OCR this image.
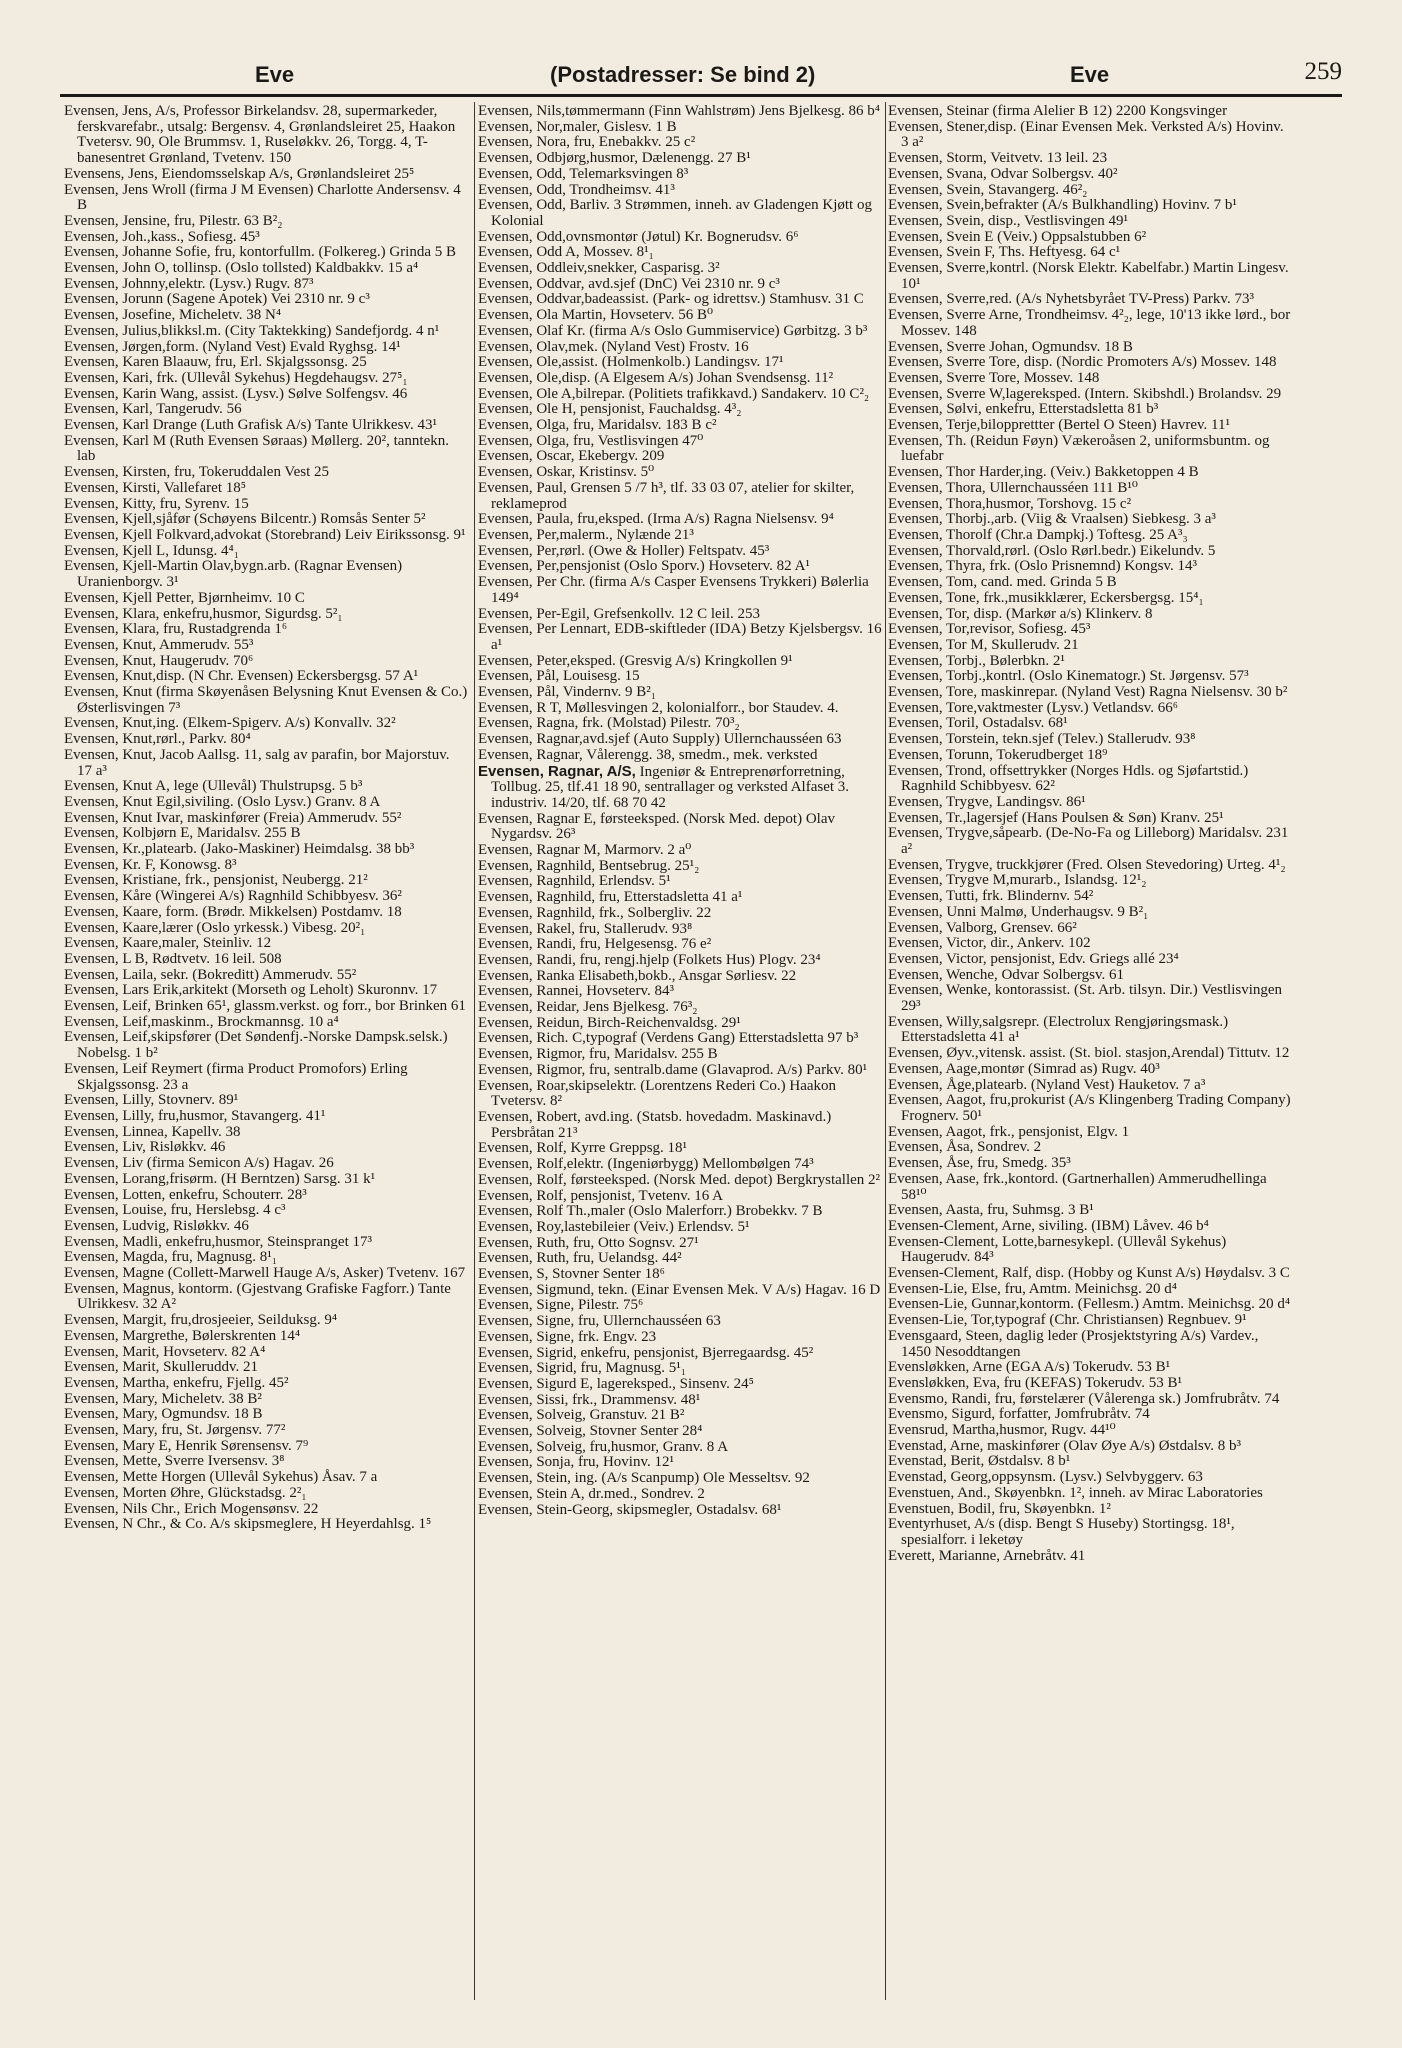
Eve	(Postadresser: Se bind 2)	Eve	259
Evensen, Jens, A/s, Professor Birkelandsv. 28, supermarkeder, ferskvarefabr., utsalg: Bergensv. 4, Grønlandsleiret 25, Haakon Tvetersv. 90, Ole Brummsv. 1, Ruseløkkv. 26, Torgg. 4, T-banesentret Grønland, Tvetenv. 150
Evensens, Jens, Eiendomsselskap A/s, Grønlandsleiret 25⁵
Evensen, Jens Wroll (firma J M Evensen) Charlotte Andersensv. 4 B
Evensen, Jensine, fru, Pilestr. 63 B²₂
Evensen, Joh.,kass., Sofiesg. 45³
Evensen, Johanne Sofie, fru, kontorfullm. (Folkereg.) Grinda 5 B
Evensen, John O, tollinsp. (Oslo tollsted) Kaldbakkv. 15 a⁴
Evensen, Johnny,elektr. (Lysv.) Rugv. 87³
Evensen, Jorunn (Sagene Apotek) Vei 2310 nr. 9 c³
Evensen, Josefine, Micheletv. 38 N⁴
Evensen, Julius,blikksl.m. (City Taktekking) Sandefjordg. 4 n¹
Evensen, Jørgen,form. (Nyland Vest) Evald Ryghsg. 14¹
Evensen, Karen Blaauw, fru, Erl. Skjalgssonsg. 25
Evensen, Kari, frk. (Ullevål Sykehus) Hegdehaugsv. 27⁵₁
Evensen, Karin Wang, assist. (Lysv.) Sølve Solfengsv. 46
Evensen, Karl, Tangerudv. 56
Evensen, Karl Drange (Luth Grafisk A/s) Tante Ulrikkesv. 43¹
Evensen, Karl M (Ruth Evensen Søraas) Møllerg. 20², tanntekn. lab
Evensen, Kirsten, fru, Tokeruddalen Vest 25
Evensen, Kirsti, Vallefaret 18⁵
Evensen, Kitty, fru, Syrenv. 15
Evensen, Kjell,sjåfør (Schøyens Bilcentr.) Romsås Senter 5²
Evensen, Kjell Folkvard,advokat (Storebrand) Leiv Eirikssonsg. 9¹
Evensen, Kjell L, Idunsg. 4⁴₁
Evensen, Kjell-Martin Olav,bygn.arb. (Ragnar Evensen) Uranienborgv. 3¹
Evensen, Kjell Petter, Bjørnheimv. 10 C
Evensen, Klara, enkefru,husmor, Sigurdsg. 5²₁
Evensen, Klara, fru, Rustadgrenda 1⁶
Evensen, Knut, Ammerudv. 55³
Evensen, Knut, Haugerudv. 70⁶
Evensen, Knut,disp. (N Chr. Evensen) Eckersbergsg. 57 A¹
Evensen, Knut (firma Skøyenåsen Belysning Knut Evensen & Co.) Østerlisvingen 7³
Evensen, Knut,ing. (Elkem-Spigerv. A/s) Konvallv. 32²
Evensen, Knut,rørl., Parkv. 80⁴
Evensen, Knut, Jacob Aallsg. 11, salg av parafin, bor Majorstuv. 17 a³
Evensen, Knut A, lege (Ullevål) Thulstrupsg. 5 b³
Evensen, Knut Egil,siviling. (Oslo Lysv.) Granv. 8 A
Evensen, Knut Ivar, maskinfører (Freia) Ammerudv. 55²
Evensen, Kolbjørn E, Maridalsv. 255 B
Evensen, Kr.,platearb. (Jako-Maskiner) Heimdalsg. 38 bb³
Evensen, Kr. F, Konowsg. 8³
Evensen, Kristiane, frk., pensjonist, Neubergg. 21²
Evensen, Kåre (Wingerei A/s) Ragnhild Schibbyesv. 36²
Evensen, Kaare, form. (Brødr. Mikkelsen) Postdamv. 18
Evensen, Kaare,lærer (Oslo yrkessk.) Vibesg. 20²₁
Evensen, Kaare,maler, Steinliv. 12
Evensen, L B, Rødtvetv. 16 leil. 508
Evensen, Laila, sekr. (Bokreditt) Ammerudv. 55²
Evensen, Lars Erik,arkitekt (Morseth og Leholt) Skuronnv. 17
Evensen, Leif, Brinken 65¹, glassm.verkst. og forr., bor Brinken 61
Evensen, Leif,maskinm., Brockmannsg. 10 a⁴
Evensen, Leif,skipsfører (Det Søndenfj.-Norske Dampsk.selsk.) Nobelsg. 1 b²
Evensen, Leif Reymert (firma Product Promofors) Erling Skjalgssonsg. 23 a
Evensen, Lilly, Stovnerv. 89¹
Evensen, Lilly, fru,husmor, Stavangerg. 41¹
Evensen, Linnea, Kapellv. 38
Evensen, Liv, Risløkkv. 46
Evensen, Liv (firma Semicon A/s) Hagav. 26
Evensen, Lorang,frisørm. (H Berntzen) Sarsg. 31 k¹
Evensen, Lotten, enkefru, Schouterr. 28³
Evensen, Louise, fru, Herslebsg. 4 c³
Evensen, Ludvig, Risløkkv. 46
Evensen, Madli, enkefru,husmor, Steinspranget 17³
Evensen, Magda, fru, Magnusg. 8¹₁
Evensen, Magne (Collett-Marwell Hauge A/s, Asker) Tvetenv. 167
Evensen, Magnus, kontorm. (Gjestvang Grafiske Fagforr.) Tante Ulrikkesv. 32 A²
Evensen, Margit, fru,drosjeeier, Seilduksg. 9⁴
Evensen, Margrethe, Bølerskrenten 14⁴
Evensen, Marit, Hovseterv. 82 A⁴
Evensen, Marit, Skulleruddv. 21
Evensen, Martha, enkefru, Fjellg. 45²
Evensen, Mary, Micheletv. 38 B²
Evensen, Mary, Ogmundsv. 18 B
Evensen, Mary, fru, St. Jørgensv. 77²
Evensen, Mary E, Henrik Sørensensv. 7⁹
Evensen, Mette, Sverre Iversensv. 3⁸
Evensen, Mette Horgen (Ullevål Sykehus) Åsav. 7 a
Evensen, Morten Øhre, Glückstadsg. 2²₁
Evensen, Nils Chr., Erich Mogensønsv. 22
Evensen, N Chr., & Co. A/s skipsmeglere, H Heyerdahlsg. 1⁵
Evensen, Nils,tømmermann (Finn Wahlstrøm) Jens Bjelkesg. 86 b⁴
Evensen, Nor,maler, Gislesv. 1 B
Evensen, Nora, fru, Enebakkv. 25 c²
Evensen, Odbjørg,husmor, Dælenengg. 27 B¹
Evensen, Odd, Telemarksvingen 8³
Evensen, Odd, Trondheimsv. 41³
Evensen, Odd, Barliv. 3 Strømmen, inneh. av Gladengen Kjøtt og Kolonial
Evensen, Odd,ovnsmontør (Jøtul) Kr. Bognerudsv. 6⁶
Evensen, Odd A, Mossev. 8¹₁
Evensen, Oddleiv,snekker, Casparisg. 3²
Evensen, Oddvar, avd.sjef (DnC) Vei 2310 nr. 9 c³
Evensen, Oddvar,badeassist. (Park- og idrettsv.) Stamhusv. 31 C
Evensen, Ola Martin, Hovseterv. 56 B⁰
Evensen, Olaf Kr. (firma A/s Oslo Gummiservice) Gørbitzg. 3 b³
Evensen, Olav,mek. (Nyland Vest) Frostv. 16
Evensen, Ole,assist. (Holmenkolb.) Landingsv. 17¹
Evensen, Ole,disp. (A Elgesem A/s) Johan Svendsensg. 11²
Evensen, Ole A,bilrepar. (Politiets trafikkavd.) Sandakerv. 10 C²₂
Evensen, Ole H, pensjonist, Fauchaldsg. 4³₂
Evensen, Olga, fru, Maridalsv. 183 B c²
Evensen, Olga, fru, Vestlisvingen 47⁰
Evensen, Oscar, Ekebergv. 209
Evensen, Oskar, Kristinsv. 5⁰
Evensen, Paul, Grensen 5 /7 h³, tlf. 33 03 07, atelier for skilter, reklameprod
Evensen, Paula, fru,eksped. (Irma A/s) Ragna Nielsensv. 9⁴
Evensen, Per,malerm., Nylænde 21³
Evensen, Per,rørl. (Owe & Holler) Feltspatv. 45³
Evensen, Per,pensjonist (Oslo Sporv.) Hovseterv. 82 A¹
Evensen, Per Chr. (firma A/s Casper Evensens Trykkeri) Bølerlia 149⁴
Evensen, Per-Egil, Grefsenkollv. 12 C leil. 253
Evensen, Per Lennart, EDB-skiftleder (IDA) Betzy Kjelsbergsv. 16 a¹
Evensen, Peter,eksped. (Gresvig A/s) Kringkollen 9¹
Evensen, Pål, Louisesg. 15
Evensen, Pål, Vindernv. 9 B²₁
Evensen, R T, Møllesvingen 2, kolonialforr., bor Staudev. 4.
Evensen, Ragna, frk. (Molstad) Pilestr. 70³₂
Evensen, Ragnar,avd.sjef (Auto Supply) Ullernchausséen 63
Evensen, Ragnar, Vålerengg. 38, smedm., mek. verksted
Evensen, Ragnar, A/S, Ingeniør & Entreprenørforretning, Tollbug. 25, tlf.41 18 90, sentrallager og verksted Alfaset 3. industriv. 14/20, tlf. 68 70 42
Evensen, Ragnar E, førsteeksped. (Norsk Med. depot) Olav Nygardsv. 26³
Evensen, Ragnar M, Marmorv. 2 a⁰
Evensen, Ragnhild, Bentsebrug. 25¹₂
Evensen, Ragnhild, Erlendsv. 5¹
Evensen, Ragnhild, fru, Etterstadsletta 41 a¹
Evensen, Ragnhild, frk., Solbergliv. 22
Evensen, Rakel, fru, Stallerudv. 93⁸
Evensen, Randi, fru, Helgesensg. 76 e²
Evensen, Randi, fru, rengj.hjelp (Folkets Hus) Plogv. 23⁴
Evensen, Ranka Elisabeth,bokb., Ansgar Sørliesv. 22
Evensen, Rannei, Hovseterv. 84³
Evensen, Reidar, Jens Bjelkesg. 76³₂
Evensen, Reidun, Birch-Reichenvaldsg. 29¹
Evensen, Rich. C,typograf (Verdens Gang) Etterstadsletta 97 b³
Evensen, Rigmor, fru, Maridalsv. 255 B
Evensen, Rigmor, fru, sentralb.dame (Glavaprod. A/s) Parkv. 80¹
Evensen, Roar,skipselektr. (Lorentzens Rederi Co.) Haakon Tvetersv. 8²
Evensen, Robert, avd.ing. (Statsb. hovedadm. Maskinavd.) Persbråtan 21³
Evensen, Rolf, Kyrre Greppsg. 18¹
Evensen, Rolf,elektr. (Ingeniørbygg) Mellombølgen 74³
Evensen, Rolf, førsteeksped. (Norsk Med. depot) Bergkrystallen 2²
Evensen, Rolf, pensjonist, Tvetenv. 16 A
Evensen, Rolf Th.,maler (Oslo Malerforr.) Brobekkv. 7 B
Evensen, Roy,lastebileier (Veiv.) Erlendsv. 5¹
Evensen, Ruth, fru, Otto Sognsv. 27¹
Evensen, Ruth, fru, Uelandsg. 44²
Evensen, S, Stovner Senter 18⁶
Evensen, Sigmund, tekn. (Einar Evensen Mek. V A/s) Hagav. 16 D
Evensen, Signe, Pilestr. 75⁶
Evensen, Signe, fru, Ullernchausséen 63
Evensen, Signe, frk. Engv. 23
Evensen, Sigrid, enkefru, pensjonist, Bjerregaardsg. 45²
Evensen, Sigrid, fru, Magnusg. 5¹₁
Evensen, Sigurd E, lagereksped., Sinsenv. 24⁵
Evensen, Sissi, frk., Drammensv. 48¹
Evensen, Solveig, Granstuv. 21 B²
Evensen, Solveig, Stovner Senter 28⁴
Evensen, Solveig, fru,husmor, Granv. 8 A
Evensen, Sonja, fru, Hovinv. 12¹
Evensen, Stein, ing. (A/s Scanpump) Ole Messeltsv. 92
Evensen, Stein A, dr.med., Sondrev. 2
Evensen, Stein-Georg, skipsmegler, Ostadalsv. 68¹
Evensen, Steinar (firma Alelier B 12) 2200 Kongsvinger
Evensen, Stener,disp. (Einar Evensen Mek. Verksted A/s) Hovinv. 3 a²
Evensen, Storm, Veitvetv. 13 leil. 23
Evensen, Svana, Odvar Solbergsv. 40²
Evensen, Svein, Stavangerg. 46²₂
Evensen, Svein,befrakter (A/s Bulkhandling) Hovinv. 7 b¹
Evensen, Svein, disp., Vestlisvingen 49¹
Evensen, Svein E (Veiv.) Oppsalstubben 6²
Evensen, Svein F, Ths. Heftyesg. 64 c¹
Evensen, Sverre,kontrl. (Norsk Elektr. Kabelfabr.) Martin Lingesv. 10¹
Evensen, Sverre,red. (A/s Nyhetsbyrået TV-Press) Parkv. 73³
Evensen, Sverre Arne, Trondheimsv. 4²₂, lege, 10'13 ikke lørd., bor Mossev. 148
Evensen, Sverre Johan, Ogmundsv. 18 B
Evensen, Sverre Tore, disp. (Nordic Promoters A/s) Mossev. 148
Evensen, Sverre Tore, Mossev. 148
Evensen, Sverre W,lagereksped. (Intern. Skibshdl.) Brolandsv. 29
Evensen, Sølvi, enkefru, Etterstadsletta 81 b³
Evensen, Terje,bilopprettter (Bertel O Steen) Havrev. 11¹
Evensen, Th. (Reidun Føyn) Vækeroåsen 2, uniformsbuntm. og luefabr
Evensen, Thor Harder,ing. (Veiv.) Bakketoppen 4 B
Evensen, Thora, Ullernchausséen 111 B¹⁰
Evensen, Thora,husmor, Torshovg. 15 c²
Evensen, Thorbj.,arb. (Viig & Vraalsen) Siebkesg. 3 a³
Evensen, Thorolf (Chr.a Dampkj.) Toftesg. 25 A³₃
Evensen, Thorvald,rørl. (Oslo Rørl.bedr.) Eikelundv. 5
Evensen, Thyra, frk. (Oslo Prisnemnd) Kongsv. 14³
Evensen, Tom, cand. med. Grinda 5 B
Evensen, Tone, frk.,musikklærer, Eckersbergsg. 15⁴₁
Evensen, Tor, disp. (Markør a/s) Klinkerv. 8
Evensen, Tor,revisor, Sofiesg. 45³
Evensen, Tor M, Skullerudv. 21
Evensen, Torbj., Bølerbkn. 2¹
Evensen, Torbj.,kontrl. (Oslo Kinematogr.) St. Jørgensv. 57³
Evensen, Tore, maskinrepar. (Nyland Vest) Ragna Nielsensv. 30 b²
Evensen, Tore,vaktmester (Lysv.) Vetlandsv. 66⁶
Evensen, Toril, Ostadalsv. 68¹
Evensen, Torstein, tekn.sjef (Telev.) Stallerudv. 93⁸
Evensen, Torunn, Tokerudberget 18⁹
Evensen, Trond, offsettrykker (Norges Hdls. og Sjøfartstid.) Ragnhild Schibbyesv. 62²
Evensen, Trygve, Landingsv. 86¹
Evensen, Tr.,lagersjef (Hans Poulsen & Søn) Kranv. 25¹
Evensen, Trygve,såpearb. (De-No-Fa og Lilleborg) Maridalsv. 231 a²
Evensen, Trygve, truckkjører (Fred. Olsen Stevedoring) Urteg. 4¹₂
Evensen, Trygve M,murarb., Islandsg. 12¹₂
Evensen, Tutti, frk. Blindernv. 54²
Evensen, Unni Malmø, Underhaugsv. 9 B²₁
Evensen, Valborg, Grensev. 66²
Evensen, Victor, dir., Ankerv. 102
Evensen, Victor, pensjonist, Edv. Griegs allé 23⁴
Evensen, Wenche, Odvar Solbergsv. 61
Evensen, Wenke, kontorassist. (St. Arb. tilsyn. Dir.) Vestlisvingen 29³
Evensen, Willy,salgsrepr. (Electrolux Rengjøringsmask.) Etterstadsletta 41 a¹
Evensen, Øyv.,vitensk. assist. (St. biol. stasjon,Arendal) Tittutv. 12
Evensen, Aage,montør (Simrad as) Rugv. 40³
Evensen, Åge,platearb. (Nyland Vest) Hauketov. 7 a³
Evensen, Aagot, fru,prokurist (A/s Klingenberg Trading Company) Frognerv. 50¹
Evensen, Aagot, frk., pensjonist, Elgv. 1
Evensen, Åsa, Sondrev. 2
Evensen, Åse, fru, Smedg. 35³
Evensen, Aase, frk.,kontord. (Gartnerhallen) Ammerudhellinga 58¹⁰
Evensen, Aasta, fru, Suhmsg. 3 B¹
Evensen-Clement, Arne, siviling. (IBM) Låvev. 46 b⁴
Evensen-Clement, Lotte,barnesykepl. (Ullevål Sykehus) Haugerudv. 84³
Evensen-Clement, Ralf, disp. (Hobby og Kunst A/s) Høydalsv. 3 C
Evensen-Lie, Else, fru, Amtm. Meinichsg. 20 d⁴
Evensen-Lie, Gunnar,kontorm. (Fellesm.) Amtm. Meinichsg. 20 d⁴
Evensen-Lie, Tor,typograf (Chr. Christiansen) Regnbuev. 9¹
Evensgaard, Steen, daglig leder (Prosjektstyring A/s) Vardev., 1450 Nesoddtangen
Evensløkken, Arne (EGA A/s) Tokerudv. 53 B¹
Evensløkken, Eva, fru (KEFAS) Tokerudv. 53 B¹
Evensmo, Randi, fru, førstelærer (Vålerenga sk.) Jomfrubråtv. 74
Evensmo, Sigurd, forfatter, Jomfrubråtv. 74
Evensrud, Martha,husmor, Rugv. 44¹⁰
Evenstad, Arne, maskinfører (Olav Øye A/s) Østdalsv. 8 b³
Evenstad, Berit, Østdalsv. 8 b¹
Evenstad, Georg,oppsynsm. (Lysv.) Selvbyggerv. 63
Evenstuen, And., Skøyenbkn. 1², inneh. av Mirac Laboratories
Evenstuen, Bodil, fru, Skøyenbkn. 1²
Eventyrhuset, A/s (disp. Bengt S Huseby) Stortingsg. 18¹, spesialforr. i leketøy
Everett, Marianne, Arnebråtv. 41
